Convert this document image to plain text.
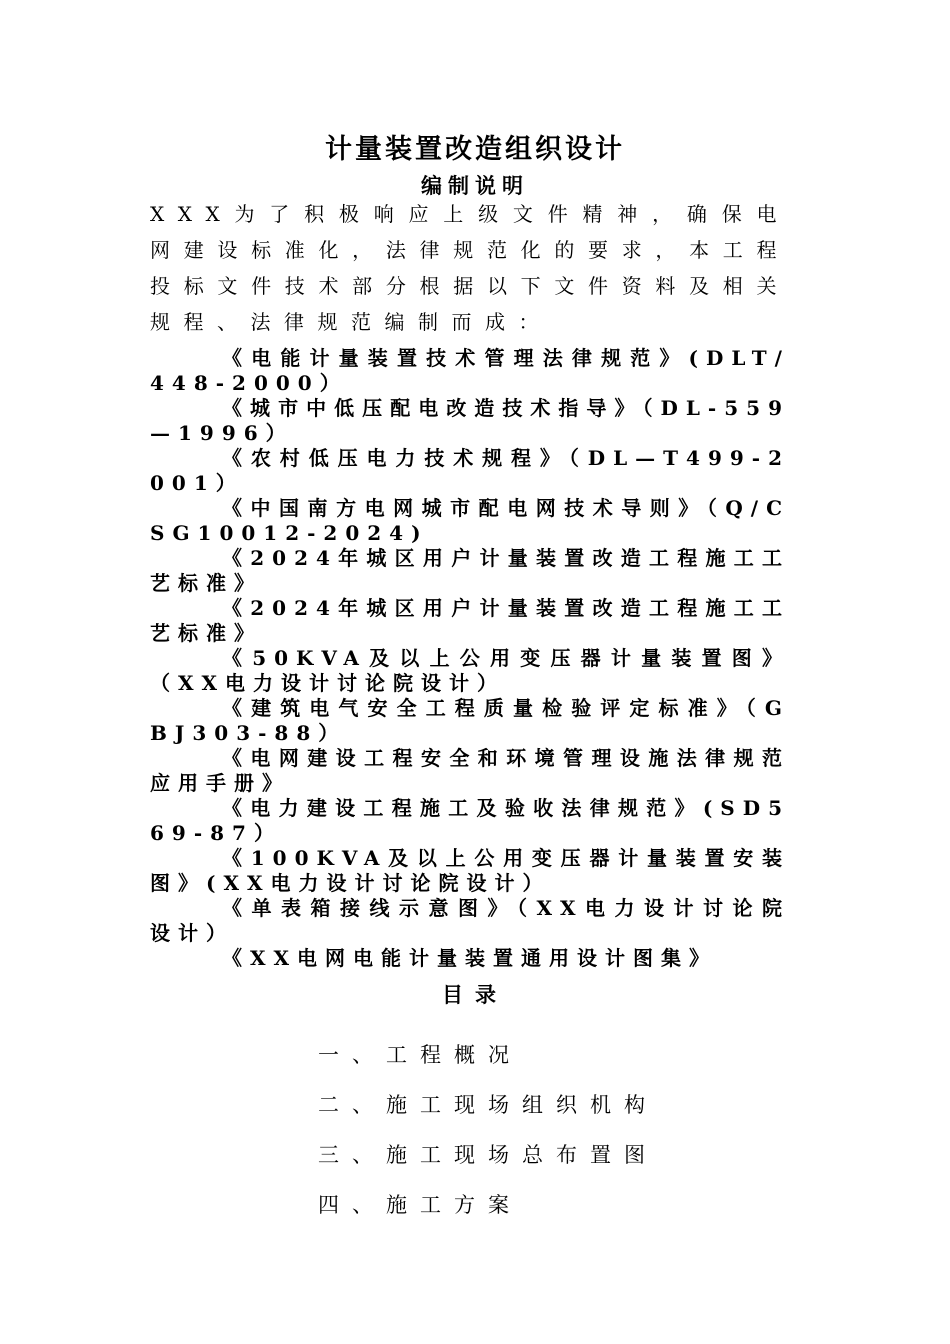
计量装置改造组织设计
编制说明

XXX为了积极响应上级文件精神，确保电网建设标准化，法律规范化的要求，本工程投标文件技术部分根据以下文件资料及相关规程、法律规范编制而成：

《电能计量装置技术管理法律规范》(DLT/448-2000）
《城市中低压配电改造技术指导》（DL-559—1996）
《农村低压电力技术规程》（DL—T499-2001）
《中国南方电网城市配电网技术导则》（Q/CSG10012-2024)
《2024年城区用户计量装置改造工程施工工艺标准》
《2024年城区用户计量装置改造工程施工工艺标准》
《50KVA及以上公用变压器计量装置图》（XX电力设计讨论院设计）
《建筑电气安全工程质量检验评定标准》（GBJ303-88）
《电网建设工程安全和环境管理设施法律规范应用手册》
《电力建设工程施工及验收法律规范》(SD569-87）
《100KVA及以上公用变压器计量装置安装图》(XX电力设计讨论院设计）
《单表箱接线示意图》（XX电力设计讨论院设计）
《XX电网电能计量装置通用设计图集》
目录
一、工程概况
二、施工现场组织机构
三、施工现场总布置图
四、施工方案
